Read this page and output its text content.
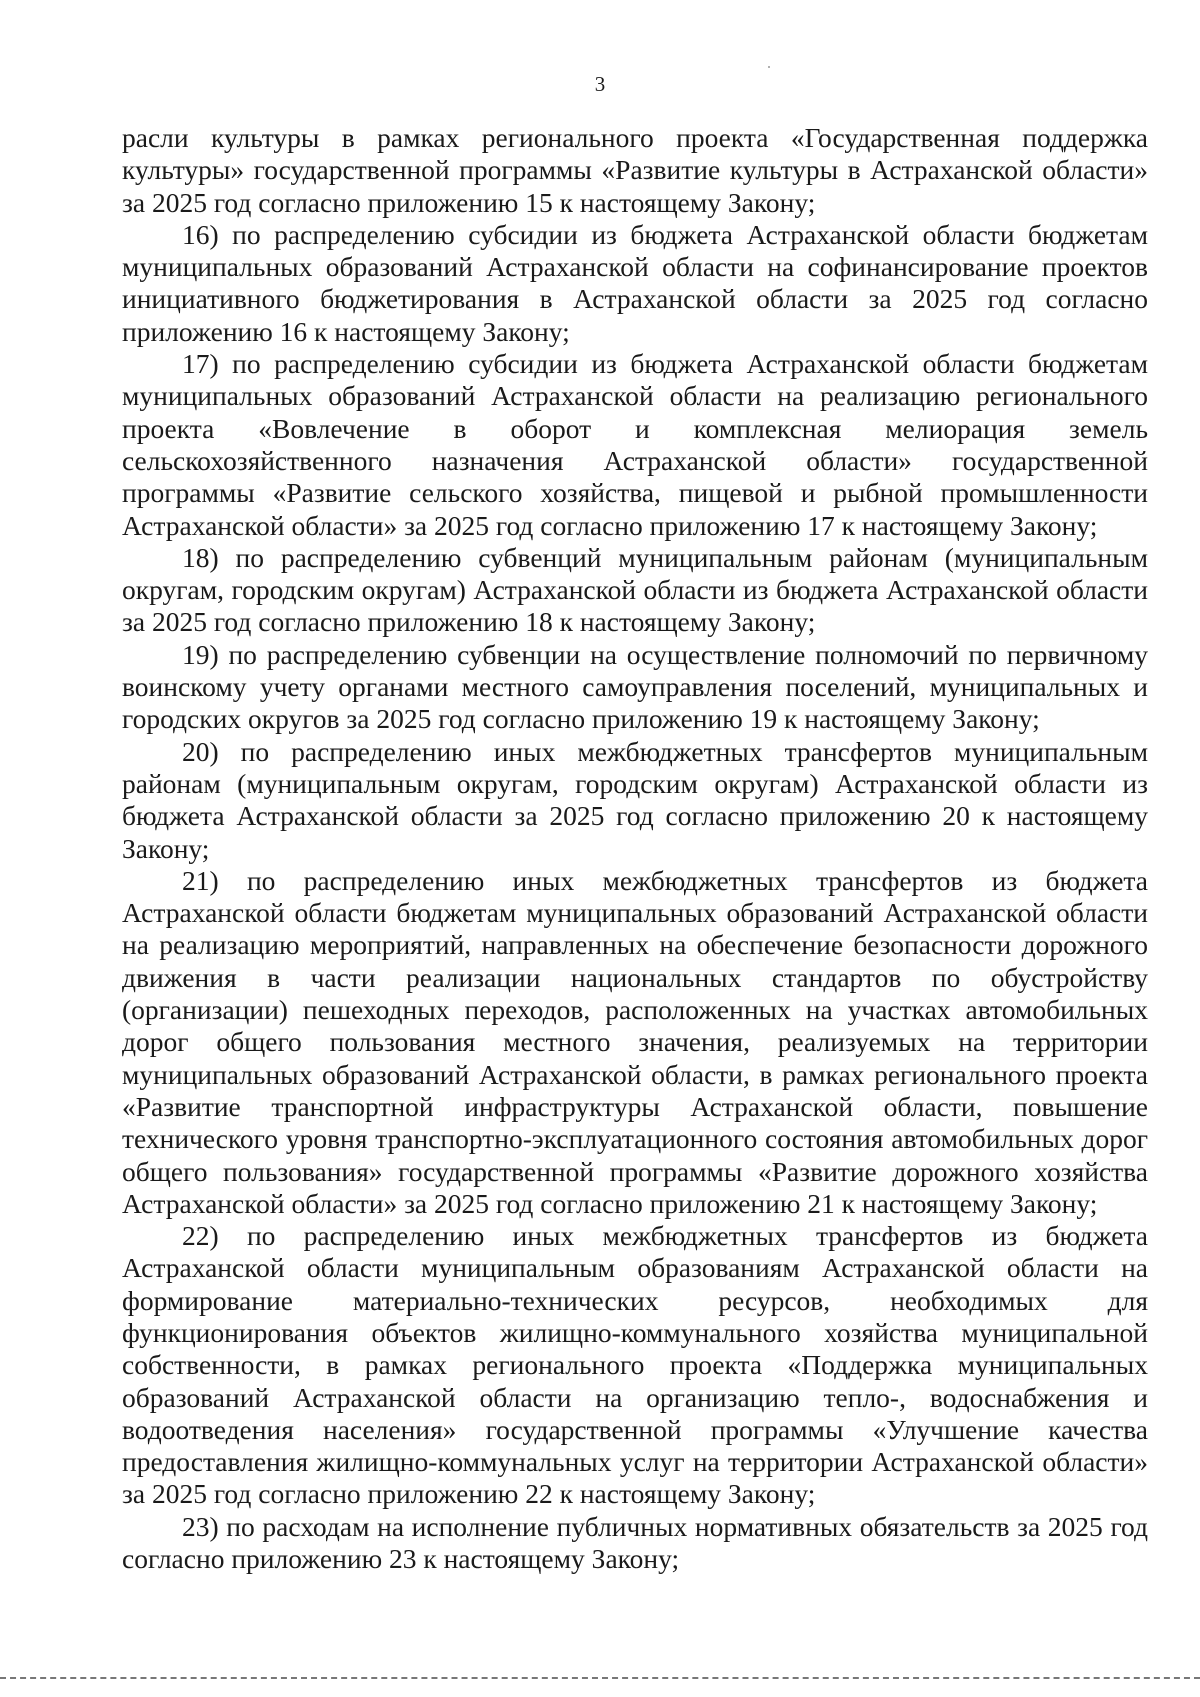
3

расли культуры в рамках регионального проекта «Государственная поддержка культуры» государственной программы «Развитие культуры в Астраханской области» за 2025 год согласно приложению 15 к настоящему Закону;

16) по распределению субсидии из бюджета Астраханской области бюджетам муниципальных образований Астраханской области на софинансирование проектов инициативного бюджетирования в Астраханской области за 2025 год согласно приложению 16 к настоящему Закону;

17) по распределению субсидии из бюджета Астраханской области бюджетам муниципальных образований Астраханской области на реализацию регионального проекта «Вовлечение в оборот и комплексная мелиорация земель сельскохозяйственного назначения Астраханской области» государственной программы «Развитие сельского хозяйства, пищевой и рыбной промышленности Астраханской области» за 2025 год согласно приложению 17 к настоящему Закону;

18) по распределению субвенций муниципальным районам (муниципальным округам, городским округам) Астраханской области из бюджета Астраханской области за 2025 год согласно приложению 18 к настоящему Закону;

19) по распределению субвенции на осуществление полномочий по первичному воинскому учету органами местного самоуправления поселений, муниципальных и городских округов за 2025 год согласно приложению 19 к настоящему Закону;

20) по распределению иных межбюджетных трансфертов муниципальным районам (муниципальным округам, городским округам) Астраханской области из бюджета Астраханской области за 2025 год согласно приложению 20 к настоящему Закону;

21) по распределению иных межбюджетных трансфертов из бюджета Астраханской области бюджетам муниципальных образований Астраханской области на реализацию мероприятий, направленных на обеспечение безопасности дорожного движения в части реализации национальных стандартов по обустройству (организации) пешеходных переходов, расположенных на участках автомобильных дорог общего пользования местного значения, реализуемых на территории муниципальных образований Астраханской области, в рамках регионального проекта «Развитие транспортной инфраструктуры Астраханской области, повышение технического уровня транспортно-эксплуатационного состояния автомобильных дорог общего пользования» государственной программы «Развитие дорожного хозяйства Астраханской области» за 2025 год согласно приложению 21 к настоящему Закону;

22) по распределению иных межбюджетных трансфертов из бюджета Астраханской области муниципальным образованиям Астраханской области на формирование материально-технических ресурсов, необходимых для функционирования объектов жилищно-коммунального хозяйства муниципальной собственности, в рамках регионального проекта «Поддержка муниципальных образований Астраханской области на организацию тепло-, водоснабжения и водоотведения населения» государственной программы «Улучшение качества предоставления жилищно-коммунальных услуг на территории Астраханской области» за 2025 год согласно приложению 22 к настоящему Закону;

23) по расходам на исполнение публичных нормативных обязательств за 2025 год согласно приложению 23 к настоящему Закону;
